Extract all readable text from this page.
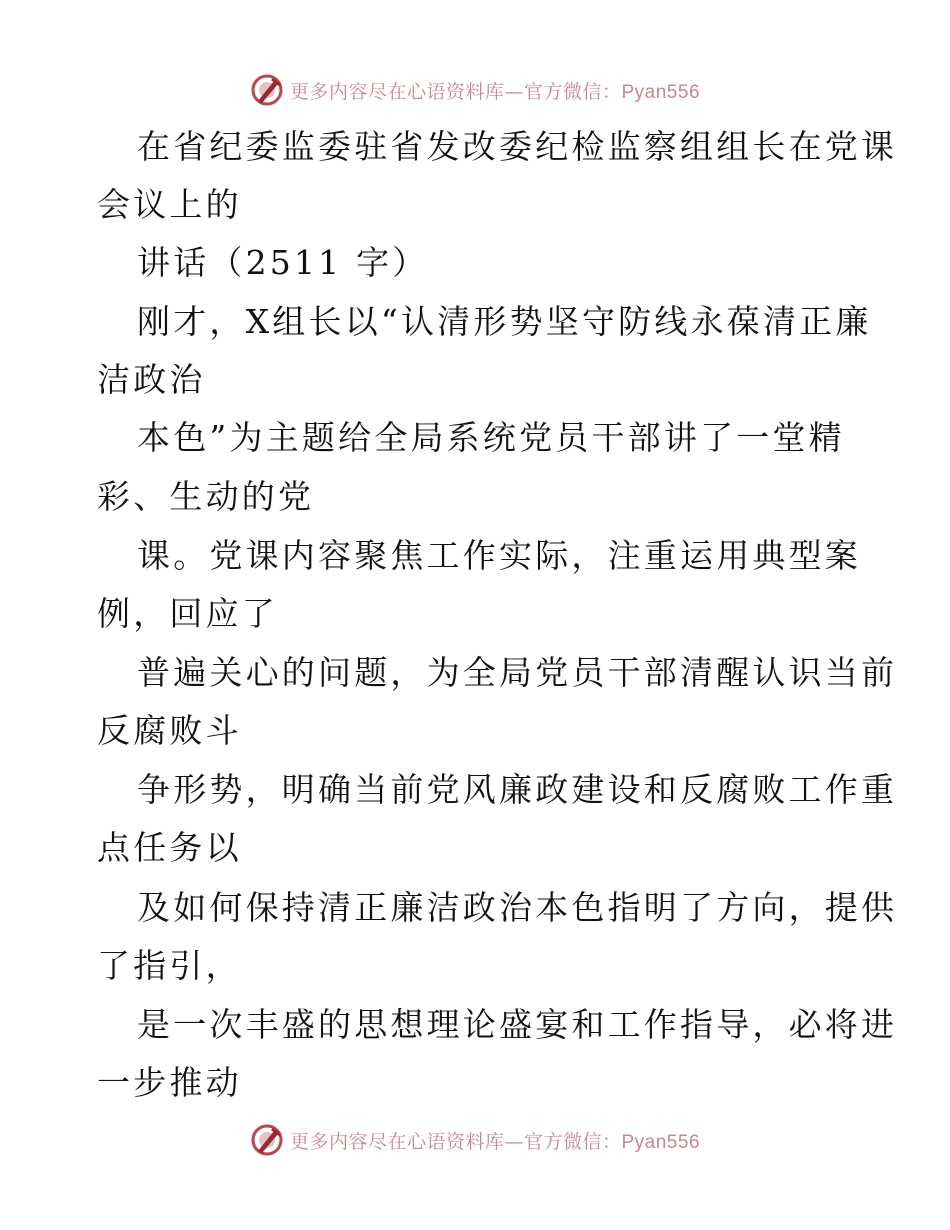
更多内容尽在心语资料库—官方微信：Pyan556
在省纪委监委驻省发改委纪检监察组组长在党课
会议上的
讲话（2511 字）
刚才，X组长以“认清形势坚守防线永葆清正廉
洁政治
本色”为主题给全局系统党员干部讲了一堂精
彩、生动的党
课。党课内容聚焦工作实际，注重运用典型案
例，回应了
普遍关心的问题，为全局党员干部清醒认识当前
反腐败斗
争形势，明确当前党风廉政建设和反腐败工作重
点任务以
及如何保持清正廉洁政治本色指明了方向，提供
了指引，
是一次丰盛的思想理论盛宴和工作指导，必将进
一步推动
更多内容尽在心语资料库—官方微信：Pyan556
